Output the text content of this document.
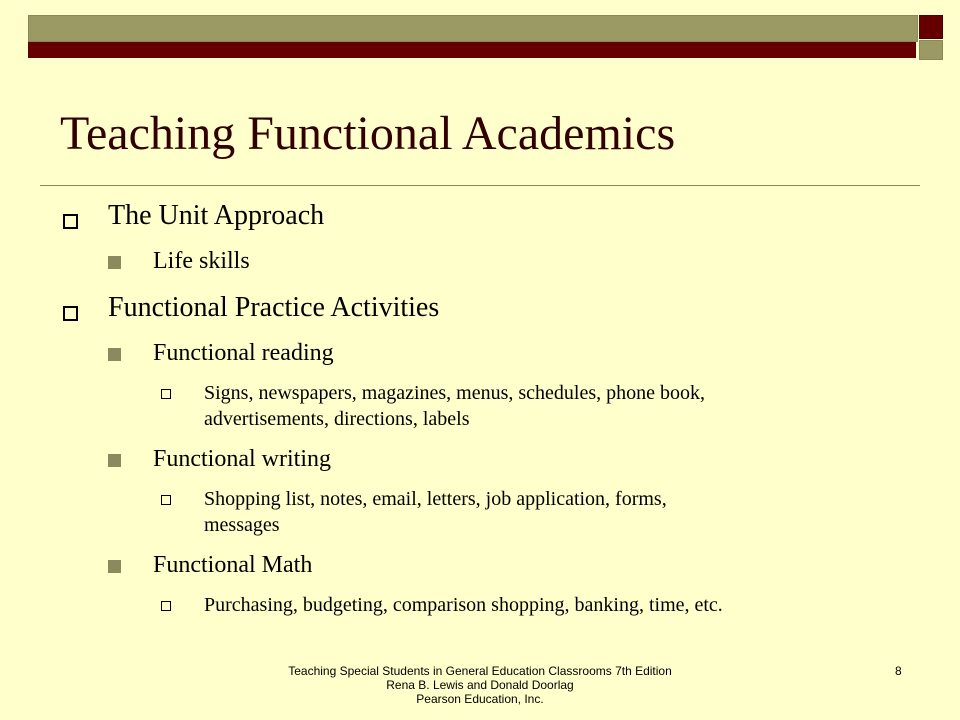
Teaching Functional Academics
The Unit Approach
Life skills
Functional Practice Activities
Functional reading
Signs, newspapers, magazines, menus, schedules, phone book,
advertisements, directions, labels
Functional writing
Shopping list, notes, email, letters, job application, forms,
messages
Functional Math
Purchasing, budgeting, comparison shopping, banking, time, etc.
Teaching Special Students in General Education Classrooms 7th Edition
Rena B. Lewis and Donald Doorlag
Pearson Education, Inc.
8
